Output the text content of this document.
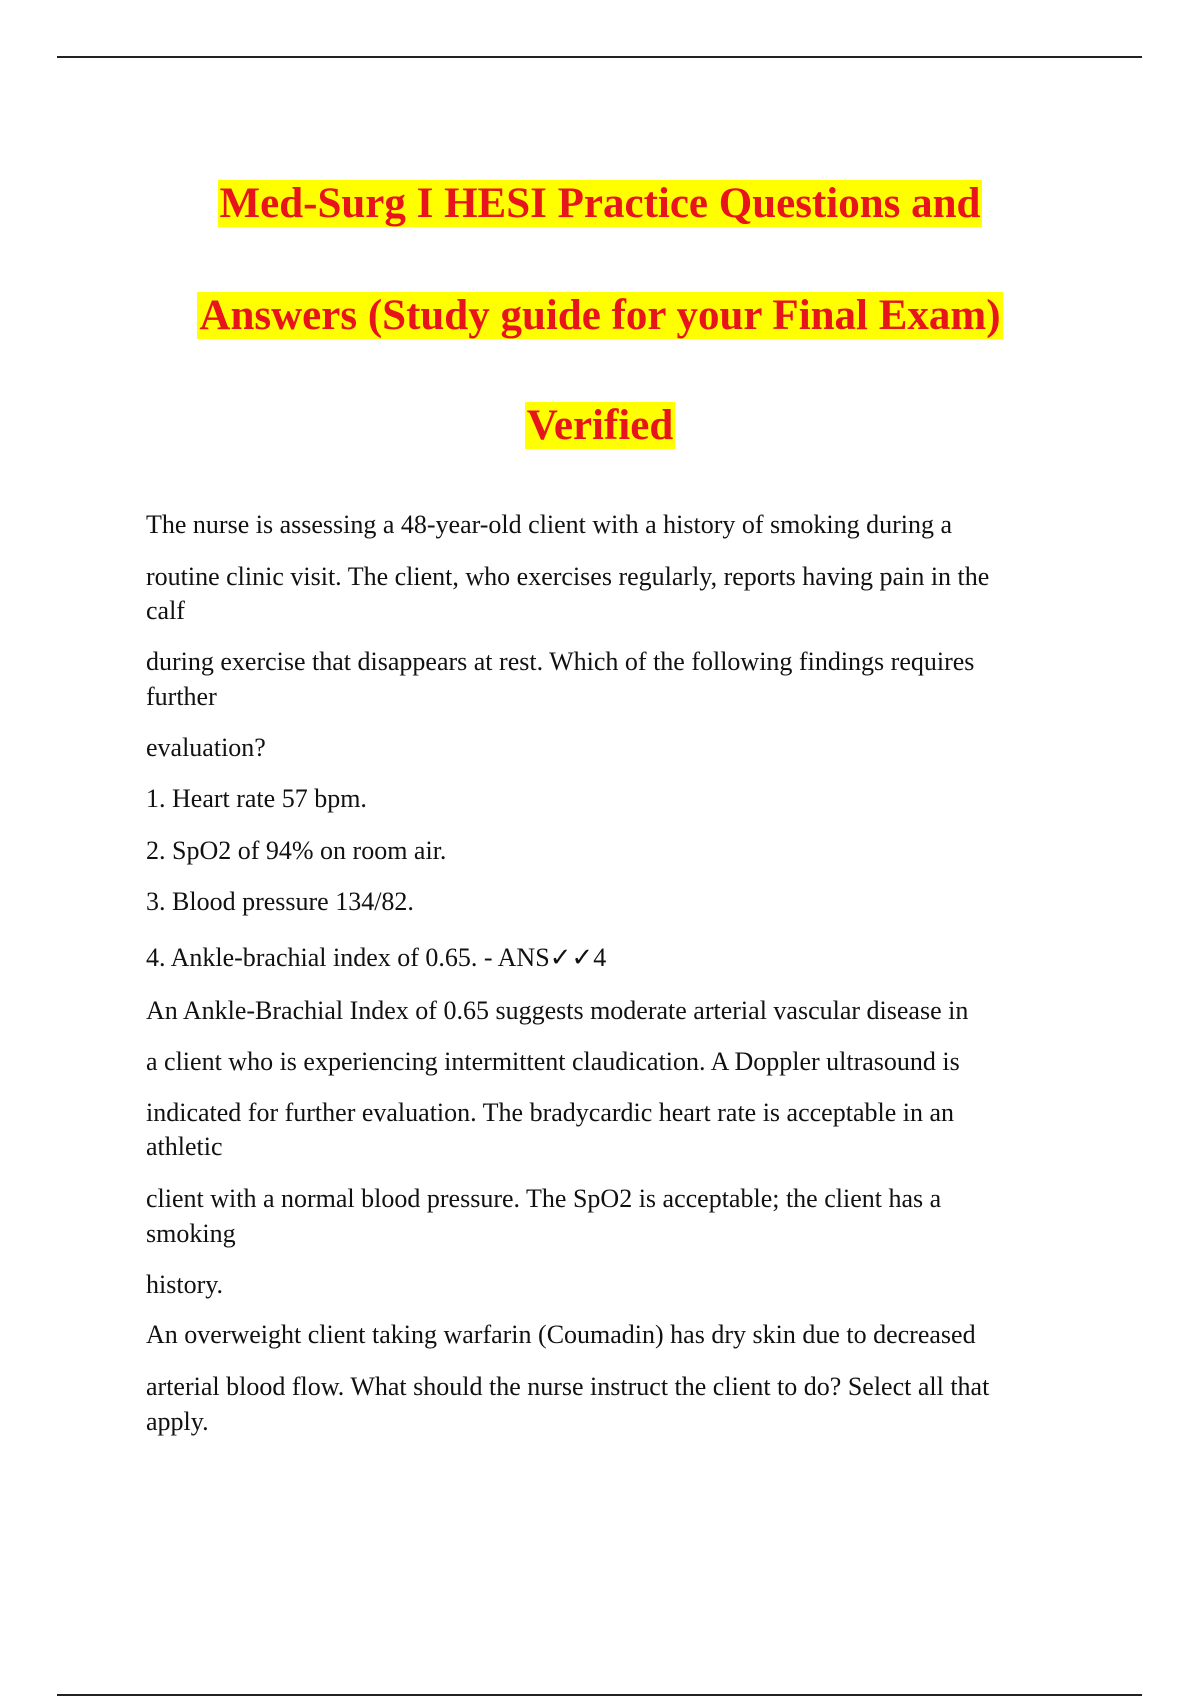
Med-Surg I HESI Practice Questions and
Answers (Study guide for your Final Exam)
Verified

The nurse is assessing a 48-year-old client with a history of smoking during a

routine clinic visit. The client, who exercises regularly, reports having pain in the

calf

during exercise that disappears at rest. Which of the following findings requires

further

evaluation?

1. Heart rate 57 bpm.

2. SpO2 of 94% on room air.

3. Blood pressure 134/82.

4. Ankle-brachial index of 0.65. - ANS✓✓4

An Ankle-Brachial Index of 0.65 suggests moderate arterial vascular disease in

a client who is experiencing intermittent claudication. A Doppler ultrasound is

indicated for further evaluation. The bradycardic heart rate is acceptable in an

athletic

client with a normal blood pressure. The SpO2 is acceptable; the client has a

smoking

history.

An overweight client taking warfarin (Coumadin) has dry skin due to decreased

arterial blood flow. What should the nurse instruct the client to do? Select all that

apply.
